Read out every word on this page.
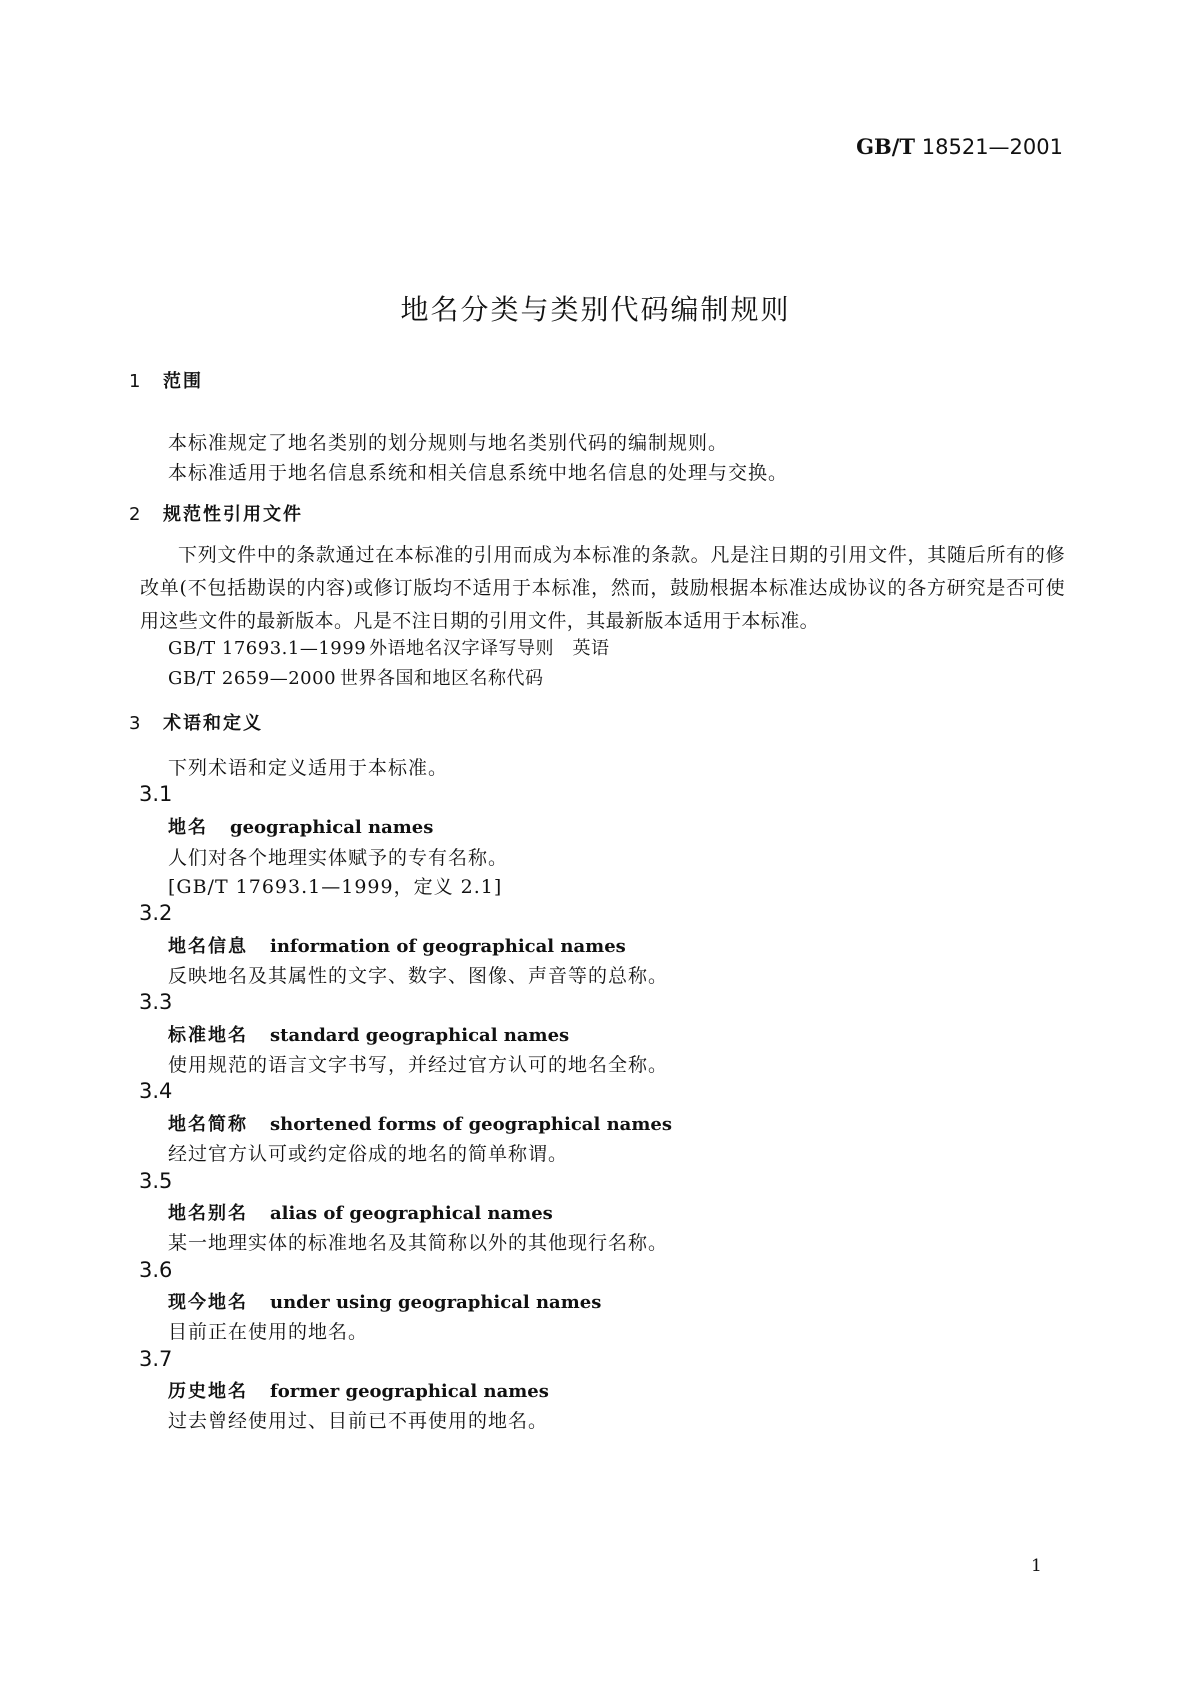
GB/T 18521—2001
地名分类与类别代码编制规则
1 范围
本标准规定了地名类别的划分规则与地名类别代码的编制规则。
本标准适用于地名信息系统和相关信息系统中地名信息的处理与交换。
2 规范性引用文件
下列文件中的条款通过在本标准的引用而成为本标准的条款。凡是注日期的引用文件，其随后所有的修改单(不包括勘误的内容)或修订版均不适用于本标准，然而，鼓励根据本标准达成协议的各方研究是否可使用这些文件的最新版本。凡是不注日期的引用文件，其最新版本适用于本标准。
GB/T 17693.1—1999 外语地名汉字译写导则　英语
GB/T 2659—2000 世界各国和地区名称代码
3 术语和定义
下列术语和定义适用于本标准。
3.1
地名 geographical names
人们对各个地理实体赋予的专有名称。
[GB/T 17693.1—1999，定义 2.1]
3.2
地名信息 information of geographical names
反映地名及其属性的文字、数字、图像、声音等的总称。
3.3
标准地名 standard geographical names
使用规范的语言文字书写，并经过官方认可的地名全称。
3.4
地名简称 shortened forms of geographical names
经过官方认可或约定俗成的地名的简单称谓。
3.5
地名别名 alias of geographical names
某一地理实体的标准地名及其简称以外的其他现行名称。
3.6
现今地名 under using geographical names
目前正在使用的地名。
3.7
历史地名 former geographical names
过去曾经使用过、目前已不再使用的地名。
1
